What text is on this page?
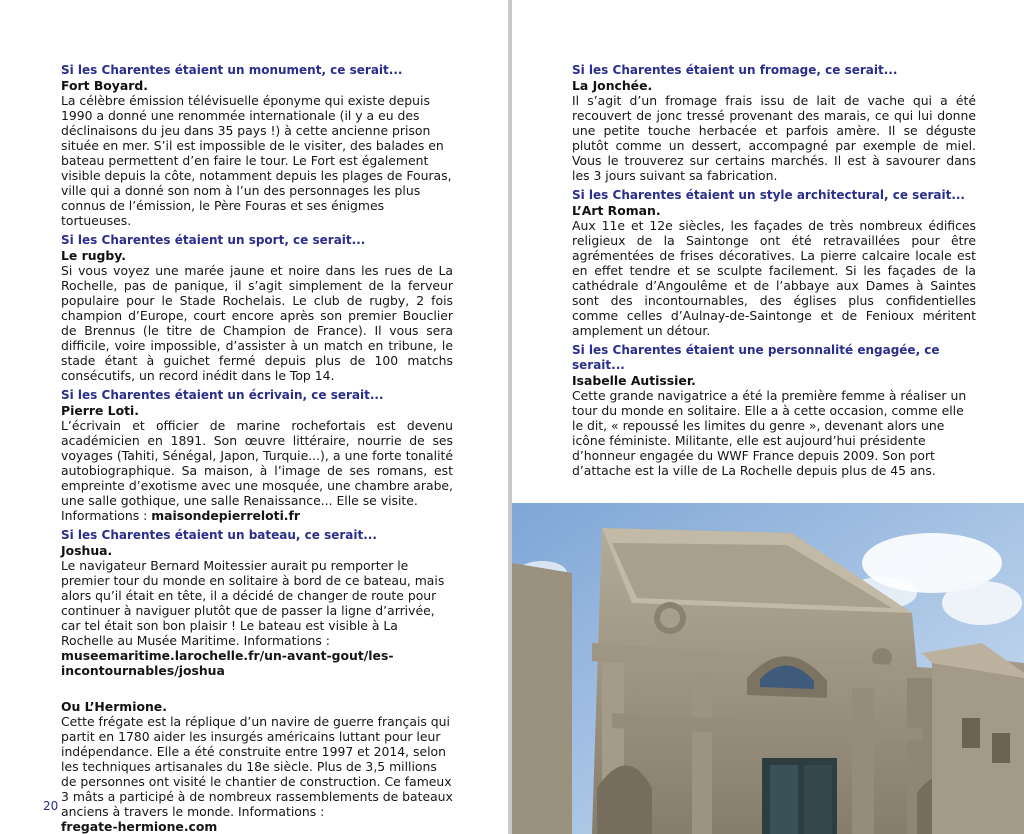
Si les Charentes étaient un monument, ce serait...
Fort Boyard.
La célèbre émission télévisuelle éponyme qui existe depuis 1990 a donné une renommée internationale (il y a eu des déclinaisons du jeu dans 35 pays !) à cette ancienne prison située en mer. S’il est impossible de le visiter, des balades en bateau permettent d’en faire le tour. Le Fort est également visible depuis la côte, notamment depuis les plages de Fouras, ville qui a donné son nom à l’un des personnages les plus connus de l’émission, le Père Fouras et ses énigmes tortueuses.
Si les Charentes étaient un sport, ce serait...
Le rugby.
Si vous voyez une marée jaune et noire dans les rues de La Rochelle, pas de panique, il s’agit simplement de la ferveur populaire pour le Stade Rochelais. Le club de rugby, 2 fois champion d’Europe, court encore après son premier Bouclier de Brennus (le titre de Champion de France). Il vous sera difficile, voire impossible, d’assister à un match en tribune, le stade étant à guichet fermé depuis plus de 100 matchs consécutifs, un record inédit dans le Top 14.
Si les Charentes étaient un écrivain, ce serait...
Pierre Loti.
L’écrivain et officier de marine rochefortais est devenu académicien en 1891. Son œuvre littéraire, nourrie de ses voyages (Tahiti, Sénégal, Japon, Turquie...), a une forte tonalité autobiographique. Sa maison, à l’image de ses romans, est empreinte d’exotisme avec une mosquée, une chambre arabe, une salle gothique, une salle Renaissance... Elle se visite.
Informations : maisondepierreloti.fr
Si les Charentes étaient un bateau, ce serait...
Joshua.
Le navigateur Bernard Moitessier aurait pu remporter le premier tour du monde en solitaire à bord de ce bateau, mais alors qu’il était en tête, il a décidé de changer de route pour continuer à naviguer plutôt que de passer la ligne d’arrivée, car tel était son bon plaisir ! Le bateau est visible à La Rochelle au Musée Maritime. Informations : museemaritime.larochelle.fr/un-avant-gout/les-incontournables/joshua
Ou L’Hermione.
Cette frégate est la réplique d’un navire de guerre français qui partit en 1780 aider les insurgés américains luttant pour leur indépendance. Elle a été construite entre 1997 et 2014, selon les techniques artisanales du 18e siècle. Plus de 3,5 millions de personnes ont visité le chantier de construction. Ce fameux 3 mâts a participé à de nombreux rassemblements de bateaux anciens à travers le monde. Informations :
fregate-hermione.com
20
Si les Charentes étaient un fromage, ce serait...
La Jonchée.
Il s’agit d’un fromage frais issu de lait de vache qui a été recouvert de jonc tressé provenant des marais, ce qui lui donne une petite touche herbacée et parfois amère. Il se déguste plutôt comme un dessert, accompagné par exemple de miel. Vous le trouverez sur certains marchés. Il est à savourer dans les 3 jours suivant sa fabrication.
Si les Charentes étaient un style architectural, ce serait...
L’Art Roman.
Aux 11e et 12e siècles, les façades de très nombreux édifices religieux de la Saintonge ont été retravaillées pour être agrémentées de frises décoratives. La pierre calcaire locale est en effet tendre et se sculpte facilement. Si les façades de la cathédrale d’Angoulême et de l’abbaye aux Dames à Saintes sont des incontournables, des églises plus confidentielles comme celles d’Aulnay-de-Saintonge et de Fenioux méritent amplement un détour.
Si les Charentes étaient une personnalité engagée, ce serait...
Isabelle Autissier.
Cette grande navigatrice a été la première femme à réaliser un tour du monde en solitaire. Elle a à cette occasion, comme elle le dit, « repoussé les limites du genre », devenant alors une icône féministe. Militante, elle est aujourd’hui présidente d’honneur engagée du WWF France depuis 2009. Son port d’attache est la ville de La Rochelle depuis plus de 45 ans.
